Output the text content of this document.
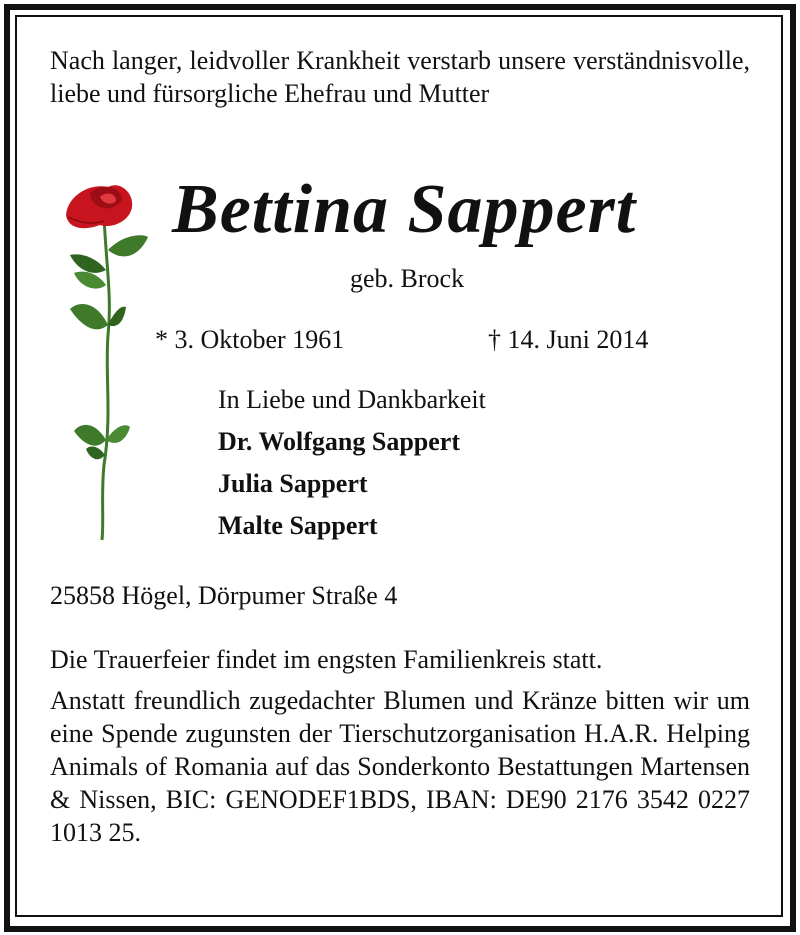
Nach langer, leidvoller Krankheit verstarb unsere verständnisvolle, liebe und fürsorgliche Ehefrau und Mutter
Bettina Sappert
geb. Brock
* 3. Oktober 1961	† 14. Juni 2014
In Liebe und Dankbarkeit
Dr. Wolfgang Sappert
Julia Sappert
Malte Sappert
25858 Högel, Dörpumer Straße 4
Die Trauerfeier findet im engsten Familienkreis statt.
Anstatt freundlich zugedachter Blumen und Kränze bitten wir um eine Spende zugunsten der Tierschutzorganisation H.A.R. Helping Animals of Romania auf das Sonderkonto Bestattungen Martensen & Nissen, BIC: GENODEF1BDS, IBAN: DE90 2176 3542 0227 1013 25.
